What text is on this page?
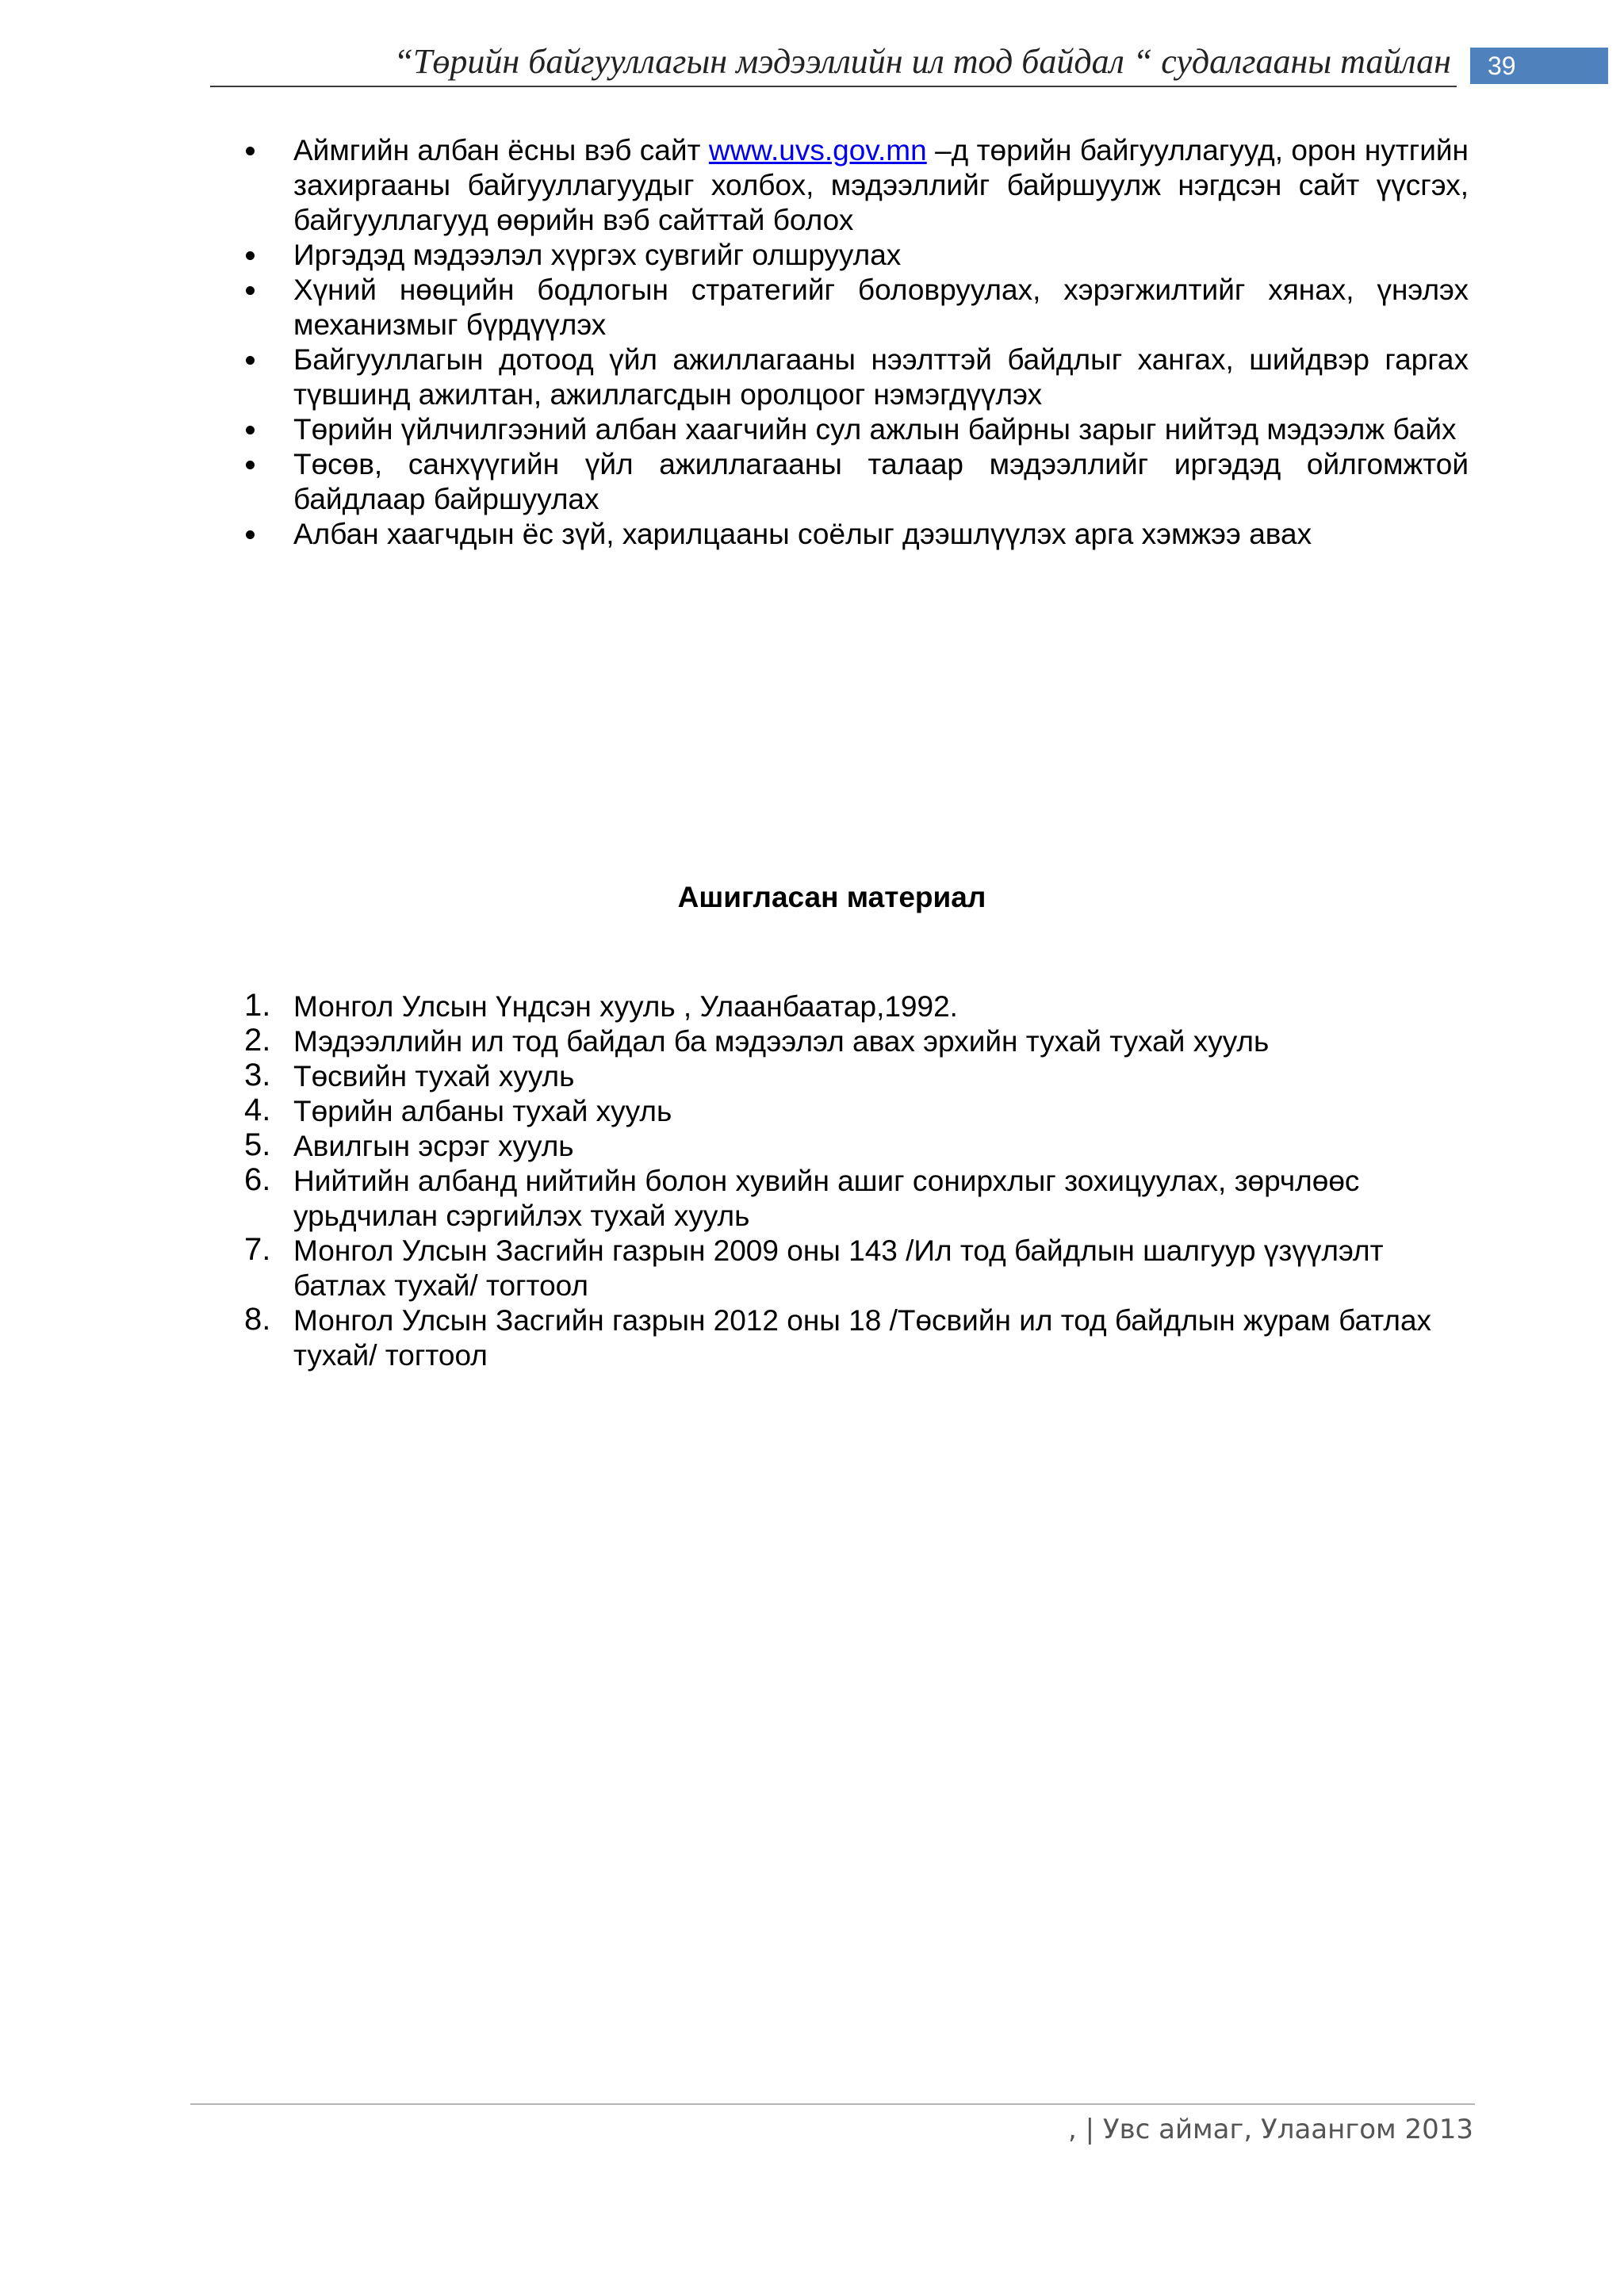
“Төрийн байгууллагын мэдээллийн ил тод байдал “ судалгааны тайлан	39
Аймгийн албан ёсны вэб сайт www.uvs.gov.mn –д төрийн байгууллагууд, орон нутгийн захиргааны байгууллагуудыг холбох, мэдээллийг байршуулж нэгдсэн сайт үүсгэх, байгууллагууд өөрийн вэб сайттай болох
Иргэдэд мэдээлэл хүргэх сувгийг олшруулах
Хүний нөөцийн бодлогын стратегийг боловруулах, хэрэгжилтийг хянах, үнэлэх механизмыг бүрдүүлэх
Байгууллагын дотоод үйл ажиллагааны нээлттэй байдлыг хангах, шийдвэр гаргах түвшинд ажилтан, ажиллагсдын оролцоог нэмэгдүүлэх
Төрийн үйлчилгээний албан хаагчийн сул ажлын байрны зарыг нийтэд мэдээлж байх
Төсөв, санхүүгийн үйл ажиллагааны талаар мэдээллийг иргэдэд ойлгомжтой байдлаар байршуулах
Албан хаагчдын ёс зүй, харилцааны соёлыг дээшлүүлэх арга хэмжээ авах
Ашигласан материал
1. Монгол Улсын Үндсэн хууль , Улаанбаатар,1992.
2. Мэдээллийн ил тод байдал ба мэдээлэл авах эрхийн тухай тухай хууль
3. Төсвийн тухай хууль
4. Төрийн албаны тухай хууль
5. Авилгын эсрэг хууль
6. Нийтийн албанд нийтийн болон хувийн ашиг сонирхлыг зохицуулах, зөрчлөөс урьдчилан сэргийлэх тухай хууль
7. Монгол Улсын Засгийн газрын 2009 оны 143 /Ил тод байдлын шалгуур үзүүлэлт батлах тухай/ тогтоол
8. Монгол Улсын Засгийн газрын 2012 оны 18 /Төсвийн ил тод байдлын журам батлах тухай/ тогтоол
, | Увс аймаг, Улаангом 2013
